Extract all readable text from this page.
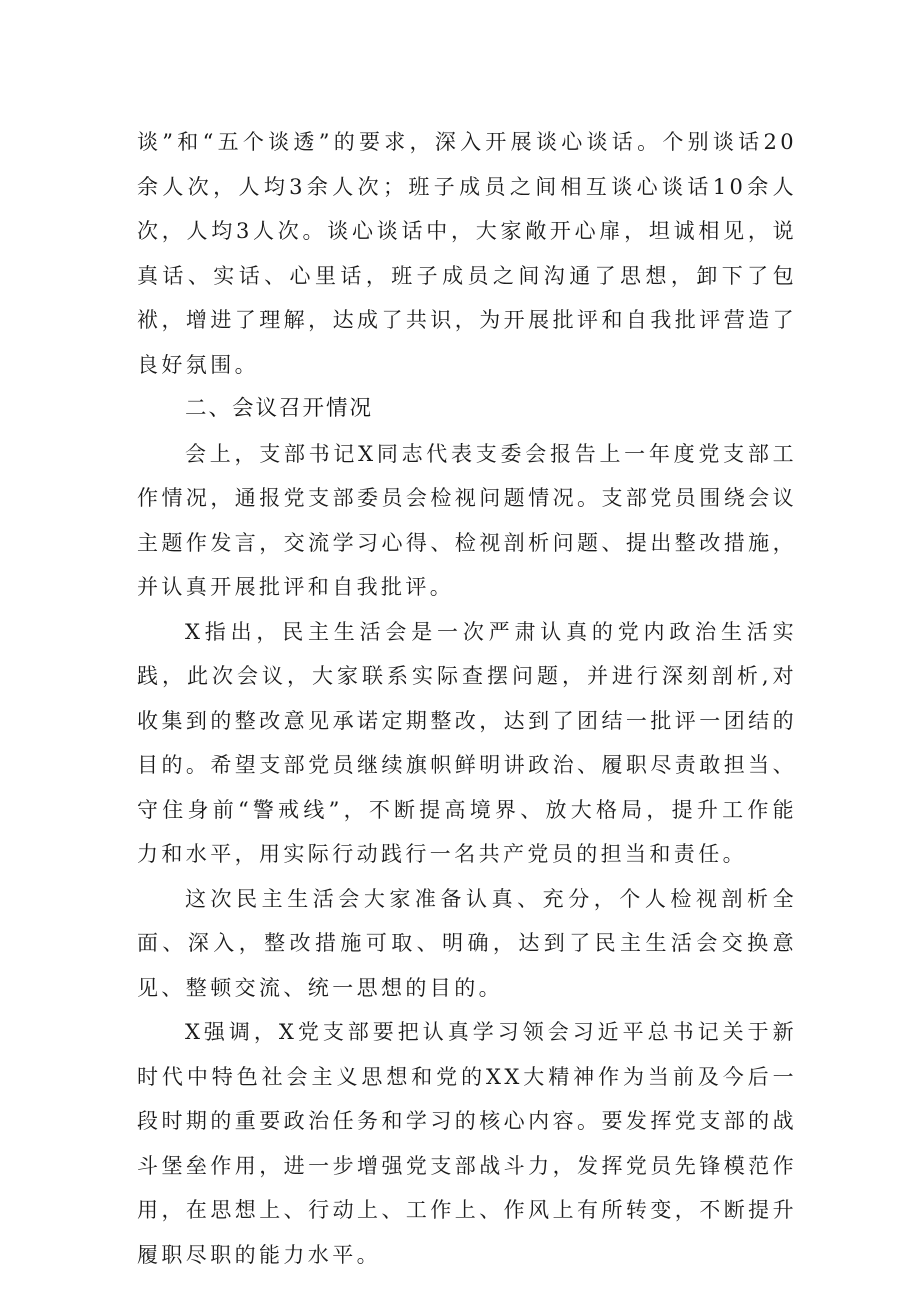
谈”和“五个谈透”的要求，深入开展谈心谈话。个别谈话20余人次，人均3余人次；班子成员之间相互谈心谈话10余人次，人均3人次。谈心谈话中，大家敞开心扉，坦诚相见，说真话、实话、心里话，班子成员之间沟通了思想，卸下了包袱，增进了理解，达成了共识，为开展批评和自我批评营造了良好氛围。

二、会议召开情况

会上，支部书记X同志代表支委会报告上一年度党支部工作情况，通报党支部委员会检视问题情况。支部党员围绕会议主题作发言，交流学习心得、检视剖析问题、提出整改措施，并认真开展批评和自我批评。

X指出，民主生活会是一次严肃认真的党内政治生活实践，此次会议，大家联系实际查摆问题，并进行深刻剖析,对收集到的整改意见承诺定期整改，达到了团结一批评一团结的目的。希望支部党员继续旗帜鲜明讲政治、履职尽责敢担当、守住身前“警戒线”，不断提高境界、放大格局，提升工作能力和水平，用实际行动践行一名共产党员的担当和责任。

这次民主生活会大家准备认真、充分，个人检视剖析全面、深入，整改措施可取、明确，达到了民主生活会交换意见、整顿交流、统一思想的目的。

X强调，X党支部要把认真学习领会习近平总书记关于新时代中特色社会主义思想和党的XX大精神作为当前及今后一段时期的重要政治任务和学习的核心内容。要发挥党支部的战斗堡垒作用，进一步增强党支部战斗力，发挥党员先锋模范作用，在思想上、行动上、工作上、作风上有所转变，不断提升履职尽职的能力水平。
